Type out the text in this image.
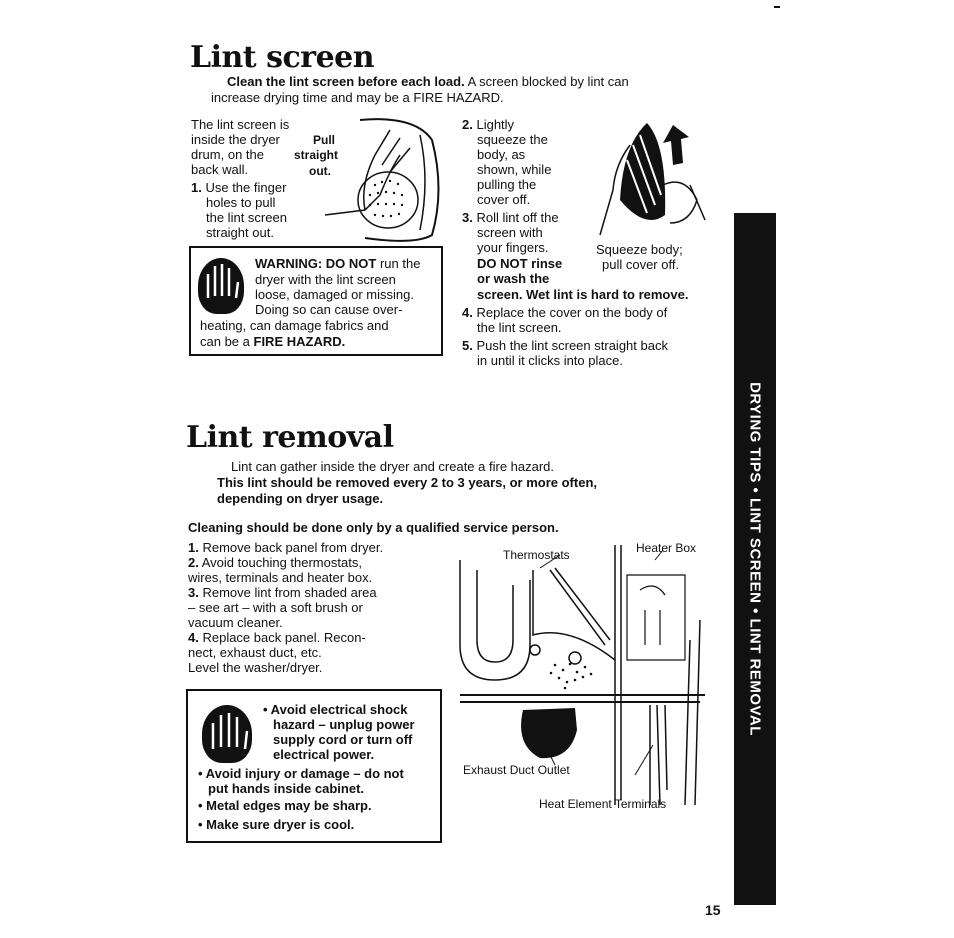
Lint screen
Clean the lint screen before each load. A screen blocked by lint can
increase drying time and may be a FIRE HAZARD.
The lint screen is
inside the dryer
drum, on the
back wall.
Pull
straight
out.
1. Use the finger
holes to pull
the lint screen
straight out.
WARNING: DO NOT run the
dryer with the lint screen
loose, damaged or missing.
Doing so can cause over-
heating, can damage fabrics and
can be a FIRE HAZARD.
2. Lightly
squeeze the
body, as
shown, while
pulling the
cover off.
3. Roll lint off the
screen with
your fingers.
DO NOT rinse
or wash the
screen. Wet lint is hard to remove.
Squeeze body;
pull cover off.
4. Replace the cover on the body of
the lint screen.
5. Push the lint screen straight back
in until it clicks into place.
Lint removal
Lint can gather inside the dryer and create a fire hazard.
This lint should be removed every 2 to 3 years, or more often,
depending on dryer usage.
Cleaning should be done only by a qualified service person.
1. Remove back panel from dryer.
2. Avoid touching thermostats,
wires, terminals and heater box.
3. Remove lint from shaded area
– see art – with a soft brush or
vacuum cleaner.
4. Replace back panel. Recon-
nect, exhaust duct, etc.
Level the washer/dryer.
• Avoid electrical shock
hazard – unplug power
supply cord or turn off
electrical power.
• Avoid injury or damage – do not
put hands inside cabinet.
• Metal edges may be sharp.
• Make sure dryer is cool.
Thermostats	Heater Box
Exhaust Duct Outlet
Heat Element Terminals
DRYING TIPS • LINT SCREEN • LINT REMOVAL
15
